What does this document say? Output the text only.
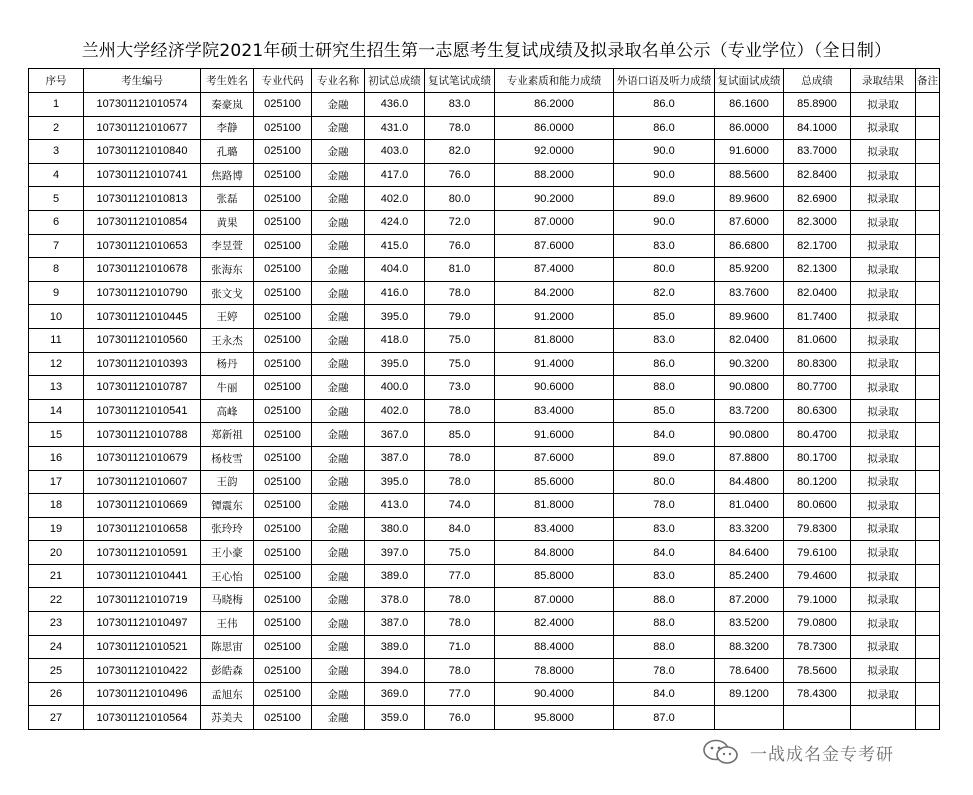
兰州大学经济学院2021年硕士研究生招生第一志愿考生复试成绩及拟录取名单公示（专业学位）（全日制）
序号	考生编号	考生姓名	专业代码	专业名称	初试总成绩	复试笔试成绩	专业素质和能力成绩	外语口语及听力成绩	复试面试成绩	总成绩	录取结果	备注
1	107301121010574	秦豪岚	025100	金融	436.0	83.0	86.2000	86.0	86.1600	85.8900	拟录取	
2	107301121010677	李静	025100	金融	431.0	78.0	86.0000	86.0	86.0000	84.1000	拟录取	
3	107301121010840	孔璐	025100	金融	403.0	82.0	92.0000	90.0	91.6000	83.7000	拟录取	
4	107301121010741	焦路博	025100	金融	417.0	76.0	88.2000	90.0	88.5600	82.8400	拟录取	
5	107301121010813	张磊	025100	金融	402.0	80.0	90.2000	89.0	89.9600	82.6900	拟录取	
6	107301121010854	黄果	025100	金融	424.0	72.0	87.0000	90.0	87.6000	82.3000	拟录取	
7	107301121010653	李昱萱	025100	金融	415.0	76.0	87.6000	83.0	86.6800	82.1700	拟录取	
8	107301121010678	张海东	025100	金融	404.0	81.0	87.4000	80.0	85.9200	82.1300	拟录取	
9	107301121010790	张文戈	025100	金融	416.0	78.0	84.2000	82.0	83.7600	82.0400	拟录取	
10	107301121010445	王婷	025100	金融	395.0	79.0	91.2000	85.0	89.9600	81.7400	拟录取	
11	107301121010560	王永杰	025100	金融	418.0	75.0	81.8000	83.0	82.0400	81.0600	拟录取	
12	107301121010393	杨丹	025100	金融	395.0	75.0	91.4000	86.0	90.3200	80.8300	拟录取	
13	107301121010787	牛丽	025100	金融	400.0	73.0	90.6000	88.0	90.0800	80.7700	拟录取	
14	107301121010541	高峰	025100	金融	402.0	78.0	83.4000	85.0	83.7200	80.6300	拟录取	
15	107301121010788	郑新祖	025100	金融	367.0	85.0	91.6000	84.0	90.0800	80.4700	拟录取	
16	107301121010679	杨枝雪	025100	金融	387.0	78.0	87.6000	89.0	87.8800	80.1700	拟录取	
17	107301121010607	王韵	025100	金融	395.0	78.0	85.6000	80.0	84.4800	80.1200	拟录取	
18	107301121010669	镡震东	025100	金融	413.0	74.0	81.8000	78.0	81.0400	80.0600	拟录取	
19	107301121010658	张玲玲	025100	金融	380.0	84.0	83.4000	83.0	83.3200	79.8300	拟录取	
20	107301121010591	王小豪	025100	金融	397.0	75.0	84.8000	84.0	84.6400	79.6100	拟录取	
21	107301121010441	王心怡	025100	金融	389.0	77.0	85.8000	83.0	85.2400	79.4600	拟录取	
22	107301121010719	马晓梅	025100	金融	378.0	78.0	87.0000	88.0	87.2000	79.1000	拟录取	
23	107301121010497	王伟	025100	金融	387.0	78.0	82.4000	88.0	83.5200	79.0800	拟录取	
24	107301121010521	陈思宙	025100	金融	389.0	71.0	88.4000	88.0	88.3200	78.7300	拟录取	
25	107301121010422	彭皓森	025100	金融	394.0	78.0	78.8000	78.0	78.6400	78.5600	拟录取	
26	107301121010496	孟旭东	025100	金融	369.0	77.0	90.4000	84.0	89.1200	78.4300	拟录取	
27	107301121010564	苏美夫	025100	金融	359.0	76.0	95.8000	87.0				
一战成名金专考研
